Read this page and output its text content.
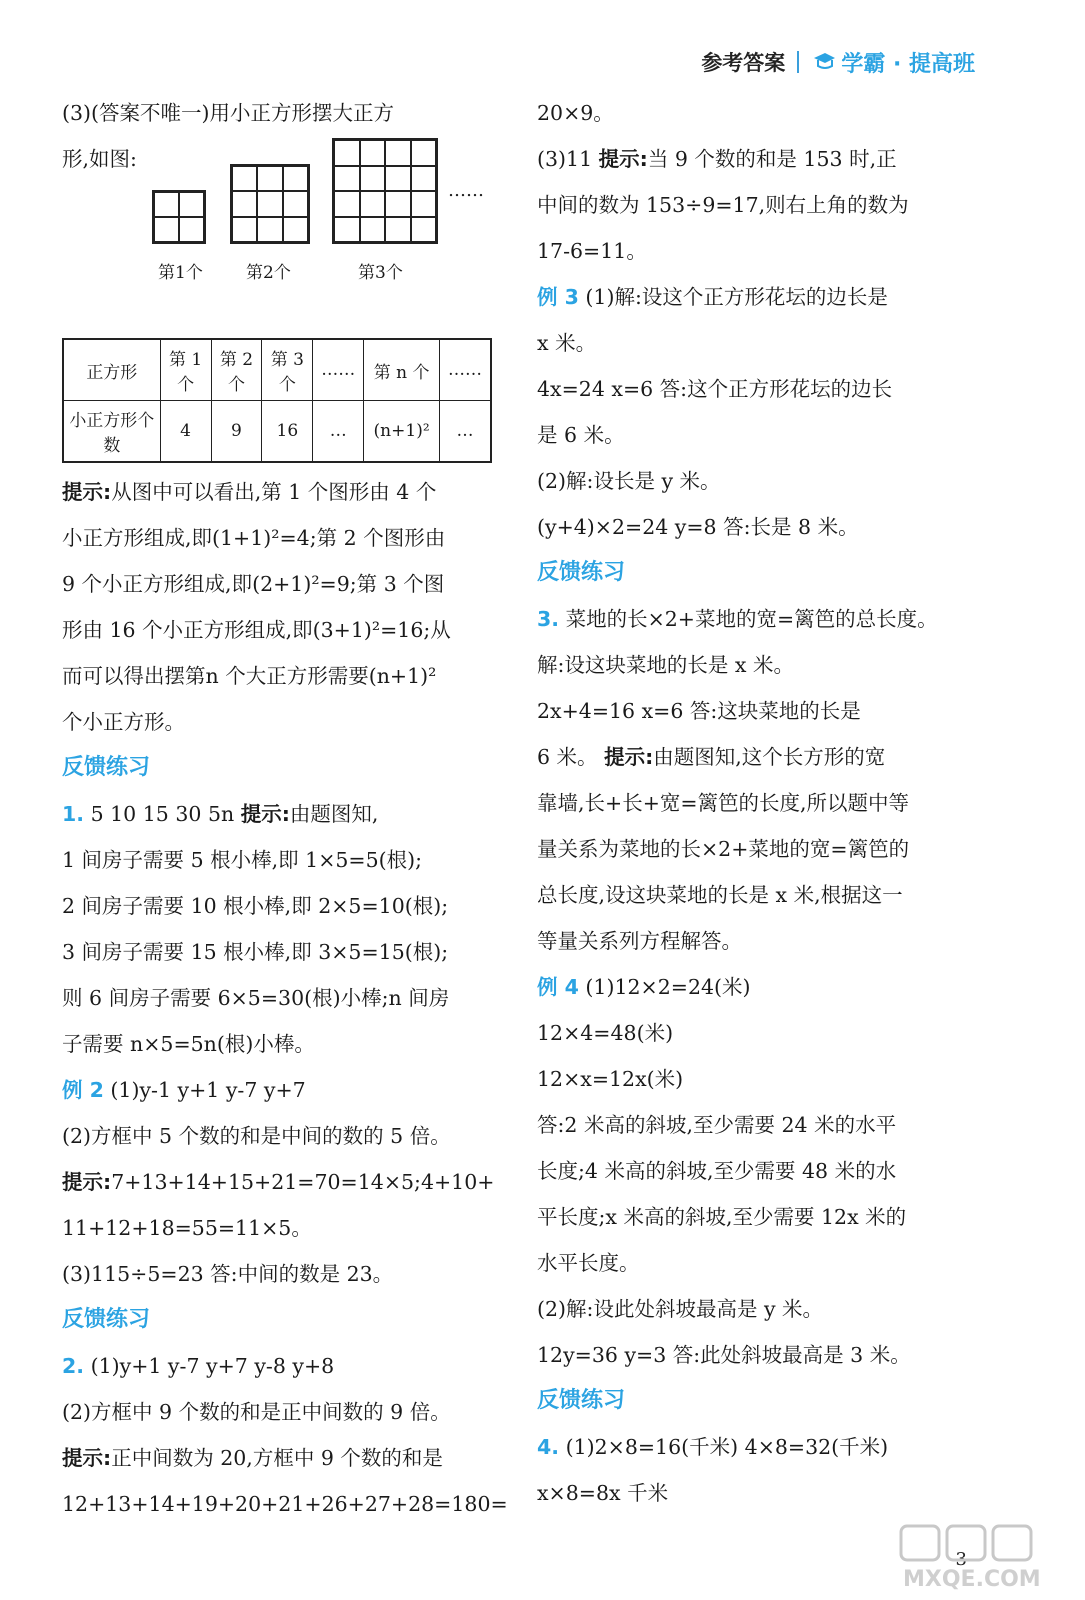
参考答案	学霸 · 提高班
(3)(答案不唯一)用小正方形摆大正方
形,如图:
……
第1个	第2个	第3个
正方形	第 1 个	第 2 个	第 3 个	……	第 n 个	……
小正方形个数	4	9	16	…	(n+1)²	…
提示:从图中可以看出,第 1 个图形由 4 个
小正方形组成,即(1+1)²=4;第 2 个图形由
9 个小正方形组成,即(2+1)²=9;第 3 个图
形由 16 个小正方形组成,即(3+1)²=16;从
而可以得出摆第n 个大正方形需要(n+1)²
个小正方形。
反馈练习
1. 5 10 15 30 5n 提示:由题图知,
1 间房子需要 5 根小棒,即 1×5=5(根);
2 间房子需要 10 根小棒,即 2×5=10(根);
3 间房子需要 15 根小棒,即 3×5=15(根);
则 6 间房子需要 6×5=30(根)小棒;n 间房
子需要 n×5=5n(根)小棒。
例 2 (1)y-1 y+1 y-7 y+7
(2)方框中 5 个数的和是中间的数的 5 倍。
提示:7+13+14+15+21=70=14×5;4+10+
11+12+18=55=11×5。
(3)115÷5=23 答:中间的数是 23。
反馈练习
2. (1)y+1 y-7 y+7 y-8 y+8
(2)方框中 9 个数的和是正中间数的 9 倍。
提示:正中间数为 20,方框中 9 个数的和是
12+13+14+19+20+21+26+27+28=180=
20×9。
(3)11 提示:当 9 个数的和是 153 时,正
中间的数为 153÷9=17,则右上角的数为
17-6=11。
例 3 (1)解:设这个正方形花坛的边长是
x 米。
4x=24 x=6 答:这个正方形花坛的边长
是 6 米。
(2)解:设长是 y 米。
(y+4)×2=24 y=8 答:长是 8 米。
反馈练习
3. 菜地的长×2+菜地的宽=篱笆的总长度。
解:设这块菜地的长是 x 米。
2x+4=16 x=6 答:这块菜地的长是
6 米。 提示:由题图知,这个长方形的宽
靠墙,长+长+宽=篱笆的长度,所以题中等
量关系为菜地的长×2+菜地的宽=篱笆的
总长度,设这块菜地的长是 x 米,根据这一
等量关系列方程解答。
例 4 (1)12×2=24(米)
12×4=48(米)
12×x=12x(米)
答:2 米高的斜坡,至少需要 24 米的水平
长度;4 米高的斜坡,至少需要 48 米的水
平长度;x 米高的斜坡,至少需要 12x 米的
水平长度。
(2)解:设此处斜坡最高是 y 米。
12y=36 y=3 答:此处斜坡最高是 3 米。
反馈练习
4. (1)2×8=16(千米) 4×8=32(千米)
x×8=8x 千米
3
MXQE.COM
